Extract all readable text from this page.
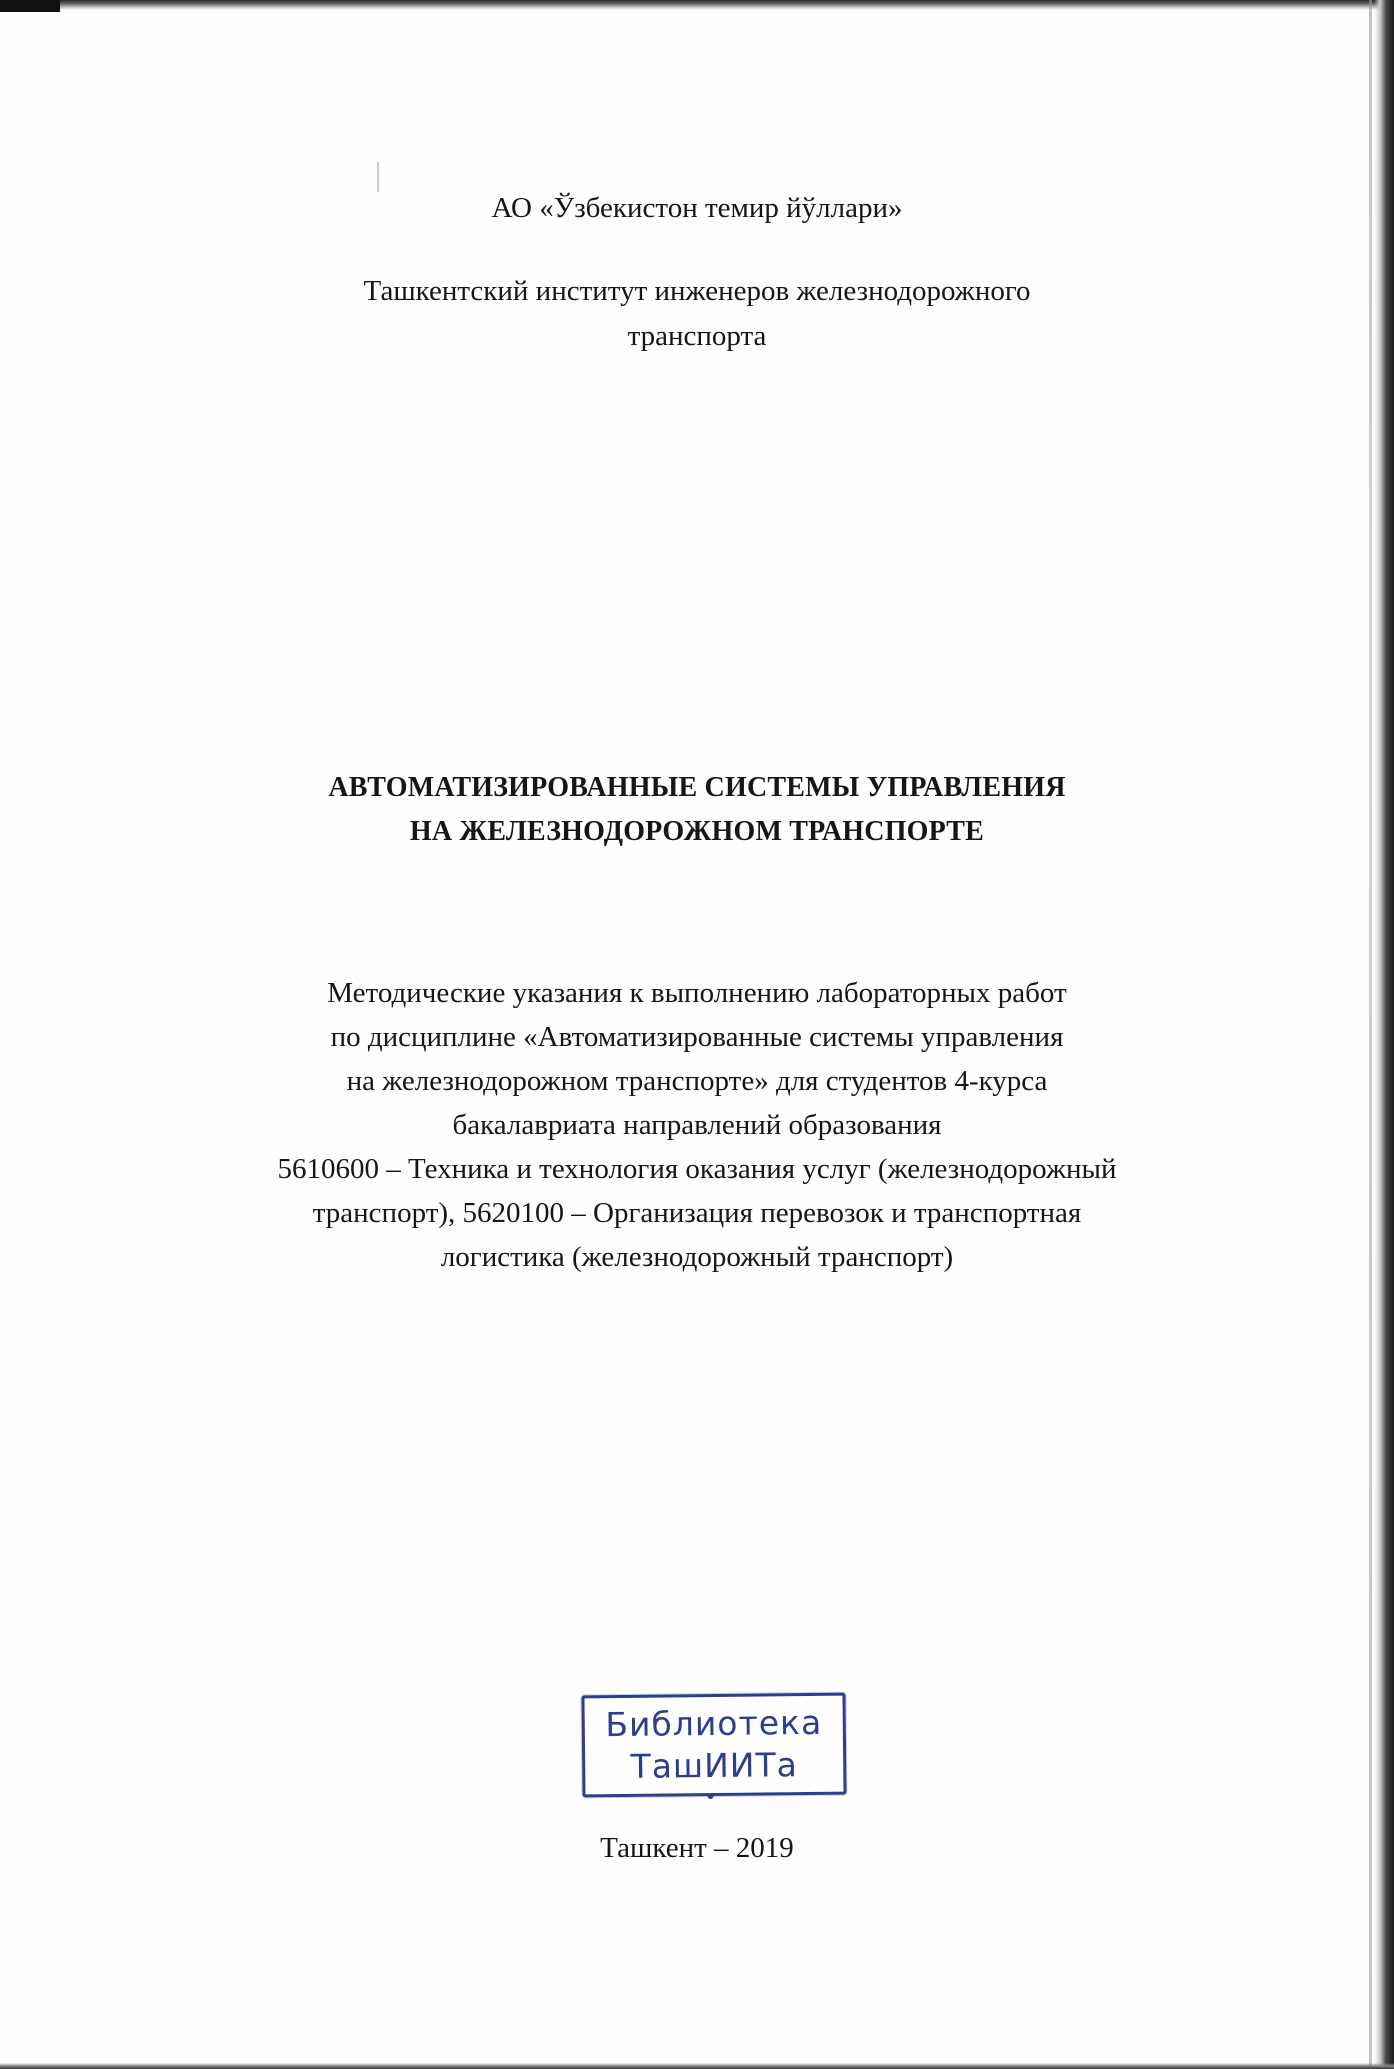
АО «Ўзбекистон темир йўллари»
Ташкентский институт инженеров железнодорожного
транспорта
АВТОМАТИЗИРОВАННЫЕ СИСТЕМЫ УПРАВЛЕНИЯ
НА ЖЕЛЕЗНОДОРОЖНОМ ТРАНСПОРТЕ
Методические указания к выполнению лабораторных работ
по дисциплине «Автоматизированные системы управления
на железнодорожном транспорте» для студентов 4-курса
бакалавриата направлений образования
5610600 – Техника и технология оказания услуг (железнодорожный
транспорт), 5620100 – Организация перевозок и транспортная
логистика (железнодорожный транспорт)
Библиотека
ТашИИТа
Ташкент – 2019
